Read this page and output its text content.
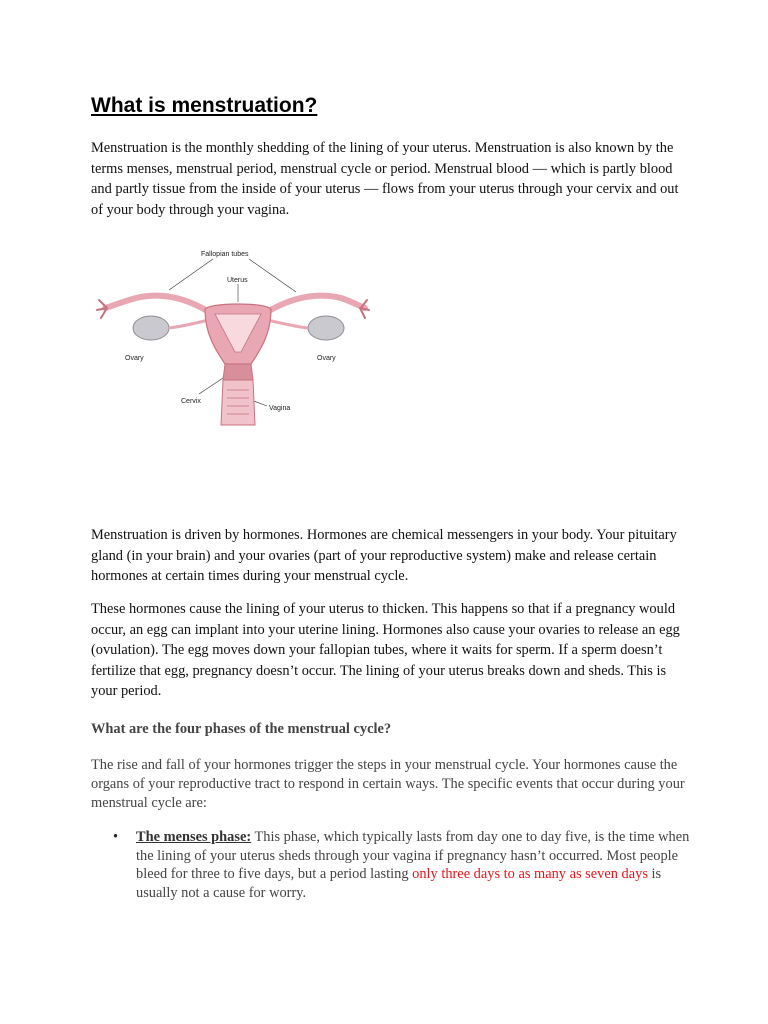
What is menstruation?

Menstruation is the monthly shedding of the lining of your uterus. Menstruation is also known by the terms menses, menstrual period, menstrual cycle or period. Menstrual blood — which is partly blood and partly tissue from the inside of your uterus — flows from your uterus through your cervix and out of your body through your vagina.

Fallopian tubes
Uterus
Ovary	Ovary
Cervix
Vagina

Menstruation is driven by hormones. Hormones are chemical messengers in your body. Your pituitary gland (in your brain) and your ovaries (part of your reproductive system) make and release certain hormones at certain times during your menstrual cycle.

These hormones cause the lining of your uterus to thicken. This happens so that if a pregnancy would occur, an egg can implant into your uterine lining. Hormones also cause your ovaries to release an egg (ovulation). The egg moves down your fallopian tubes, where it waits for sperm. If a sperm doesn’t fertilize that egg, pregnancy doesn’t occur. The lining of your uterus breaks down and sheds. This is your period.

What are the four phases of the menstrual cycle?

The rise and fall of your hormones trigger the steps in your menstrual cycle. Your hormones cause the organs of your reproductive tract to respond in certain ways. The specific events that occur during your menstrual cycle are:

• The menses phase: This phase, which typically lasts from day one to day five, is the time when the lining of your uterus sheds through your vagina if pregnancy hasn’t occurred. Most people bleed for three to five days, but a period lasting only three days to as many as seven days is usually not a cause for worry.
